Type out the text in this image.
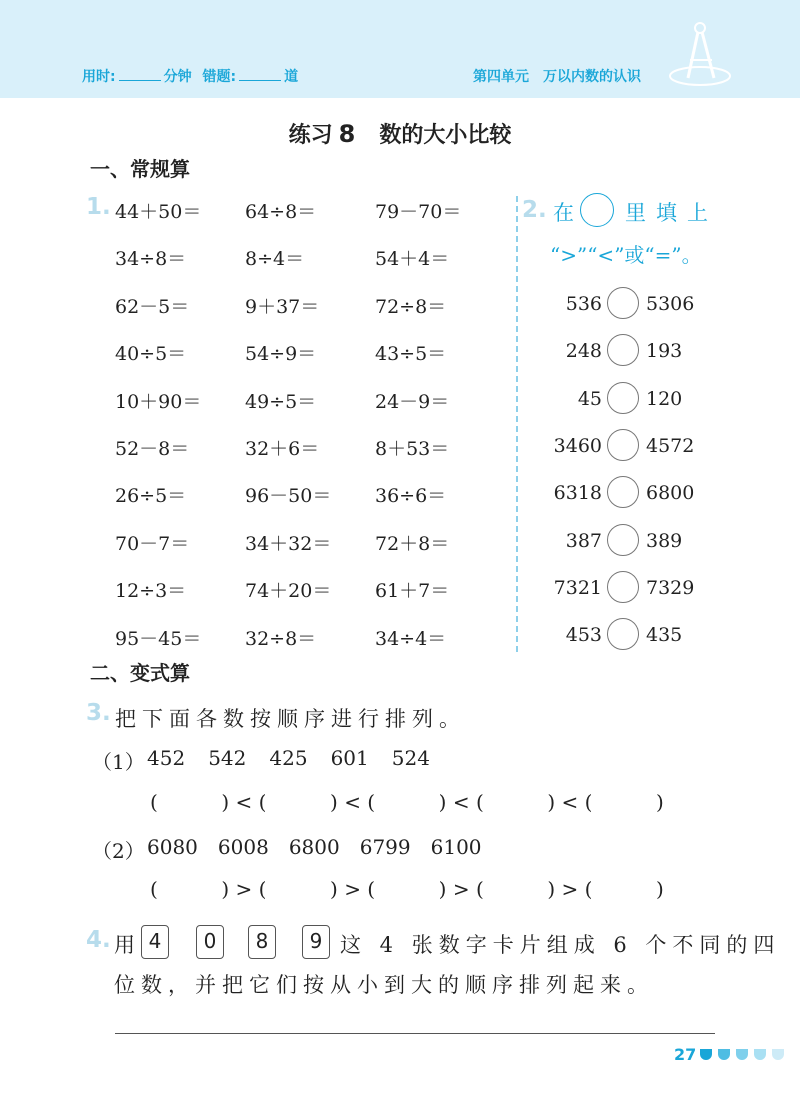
用时:	分钟 错题:	道	第四单元 万以内数的认识
练习 8 数的大小比较
一、常规算
1. 44＋50＝ 64÷8＝	79－70＝
34÷8＝	8÷4＝	54＋4＝
62－5＝	9＋37＝	72÷8＝
40÷5＝	54÷9＝	43÷5＝
10＋90＝ 49÷5＝	24－9＝
52－8＝	32＋6＝	8＋53＝
26÷5＝	96－50＝ 36÷6＝
70－7＝	34＋32＝ 72＋8＝
12÷3＝	74＋20＝ 61＋7＝
95－45＝ 32÷8＝	34÷4＝
2. 在 里填上
“>”“<”或“=”。
536 5306
248 193
45 120
3460 4572
6318 6800
387 389
7321 7329
453 435
二、变式算
3. 把下面各数按顺序进行排列。
（1） 452 542 425 601 524
(          ) < (          ) < (          ) < (          ) < (          )
（2） 6080 6008 6800 6799 6100
(          ) > (          ) > (          ) > (          ) > (          )
4. 用 4	0	8	9 这 4 张数字卡片组成 6 个不同的四
位数，并把它们按从小到大的顺序排列起来。
27
